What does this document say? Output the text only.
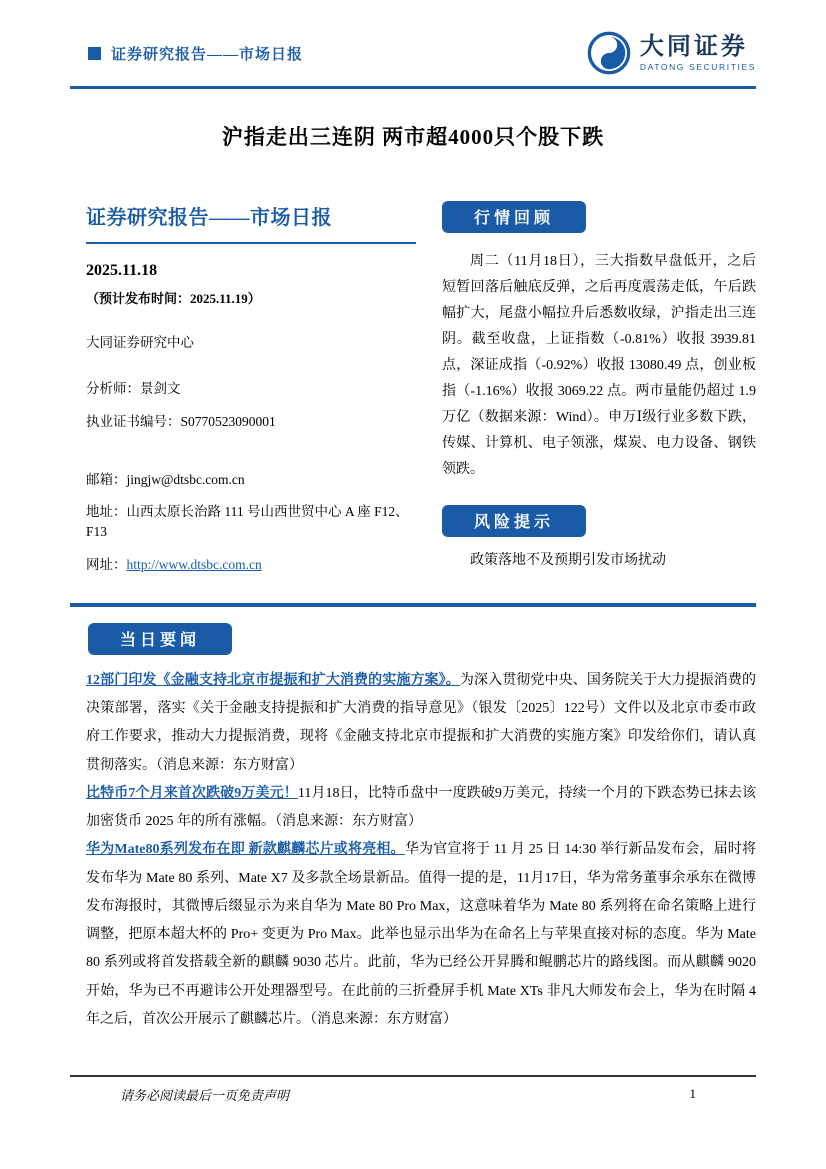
证券研究报告——市场日报	大同证券
DATONG SECURITIES
沪指走出三连阴 两市超4000只个股下跌
证券研究报告——市场日报
2025.11.18
（预计发布时间：2025.11.19）
大同证券研究中心
分析师：景剑文
执业证书编号：S0770523090001
邮箱：jingjw@dtsbc.com.cn
地址：山西太原长治路 111 号山西世贸中心 A 座 F12、F13
网址：http://www.dtsbc.com.cn
行情回顾

周二（11月18日），三大指数早盘低开，之后短暂回落后触底反弹，之后再度震荡走低，午后跌幅扩大，尾盘小幅拉升后悉数收绿，沪指走出三连阴。截至收盘，上证指数（-0.81%）收报 3939.81 点，深证成指（-0.92%）收报 13080.49 点，创业板指（-1.16%）收报 3069.22 点。两市量能仍超过 1.9 万亿（数据来源：Wind）。申万Ⅰ级行业多数下跌，传媒、计算机、电子领涨，煤炭、电力设备、钢铁领跌。

风险提示

政策落地不及预期引发市场扰动

当日要闻

12部门印发《金融支持北京市提振和扩大消费的实施方案》。为深入贯彻党中央、国务院关于大力提振消费的决策部署，落实《关于金融支持提振和扩大消费的指导意见》（银发〔2025〕122号）文件以及北京市委市政府工作要求，推动大力提振消费，现将《金融支持北京市提振和扩大消费的实施方案》印发给你们，请认真贯彻落实。（消息来源：东方财富）

比特币7个月来首次跌破9万美元！11月18日，比特币盘中一度跌破9万美元，持续一个月的下跌态势已抹去该加密货币 2025 年的所有涨幅。（消息来源：东方财富）

华为Mate80系列发布在即 新款麒麟芯片或将亮相。华为官宣将于 11 月 25 日 14:30 举行新品发布会，届时将发布华为 Mate 80 系列、Mate X7 及多款全场景新品。值得一提的是，11月17日，华为常务董事余承东在微博发布海报时，其微博后缀显示为来自华为 Mate 80 Pro Max，这意味着华为 Mate 80 系列将在命名策略上进行调整，把原本超大杯的 Pro+ 变更为 Pro Max。此举也显示出华为在命名上与苹果直接对标的态度。华为 Mate 80 系列或将首发搭载全新的麒麟 9030 芯片。此前，华为已经公开昇腾和鲲鹏芯片的路线图。而从麒麟 9020 开始，华为已不再避讳公开处理器型号。在此前的三折叠屏手机 Mate XTs 非凡大师发布会上，华为在时隔 4 年之后，首次公开展示了麒麟芯片。（消息来源：东方财富）

请务必阅读最后一页免责声明	1
